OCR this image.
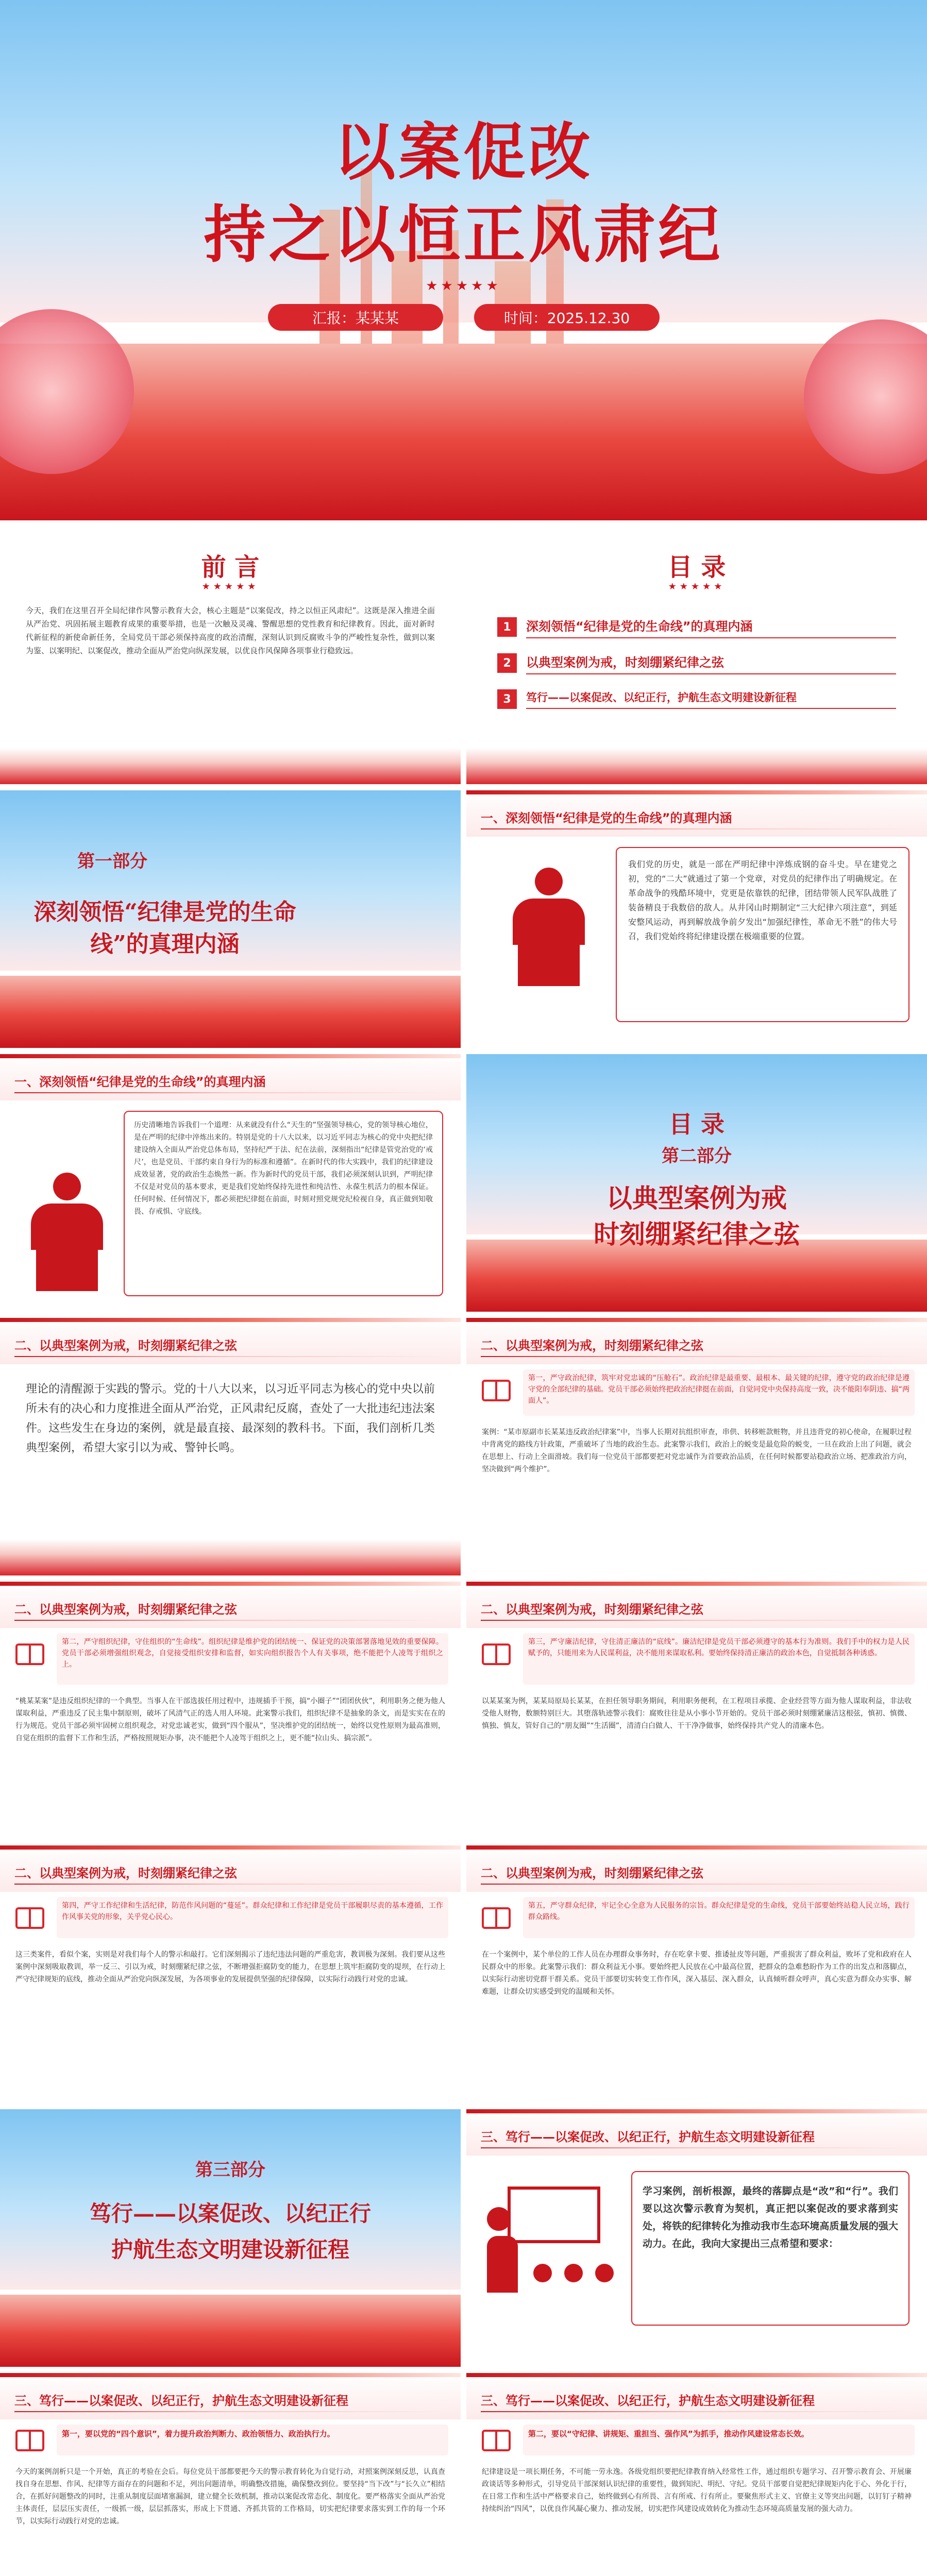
以案促改
持之以恒正风肃纪
★★★★★
汇报：某某某	时间：2025.12.30
前 言
★★★★★
今天，我们在这里召开全局纪律作风警示教育大会，核心主题是“以案促改，持之以恒正风肃纪”。这既是深入推进全面从严治党、巩固拓展主题教育成果的重要举措，也是一次触及灵魂、警醒思想的党性教育和纪律教育。因此，面对新时代新征程的新使命新任务，全局党员干部必须保持高度的政治清醒，深刻认识到反腐败斗争的严峻性复杂性，做到以案为鉴、以案明纪、以案促改，推动全面从严治党向纵深发展，以优良作风保障各项事业行稳致远。
目 录
★★★★★
1	深刻领悟“纪律是党的生命线”的真理内涵
2	以典型案例为戒，时刻绷紧纪律之弦
3	笃行——以案促改、以纪正行，护航生态文明建设新征程
第一部分
深刻领悟“纪律是党的生命
线”的真理内涵
一、深刻领悟“纪律是党的生命线”的真理内涵
我们党的历史，就是一部在严明纪律中淬炼成钢的奋斗史。早在建党之初，党的“二大”就通过了第一个党章，对党员的纪律作出了明确规定。在革命战争的残酷环境中，党更是依靠铁的纪律，团结带领人民军队战胜了装备精良于我数倍的敌人。从井冈山时期制定“三大纪律六项注意”，到延安整风运动，再到解放战争前夕发出“加强纪律性，革命无不胜”的伟大号召，我们党始终将纪律建设摆在极端重要的位置。
一、深刻领悟“纪律是党的生命线”的真理内涵
历史清晰地告诉我们一个道理：从来就没有什么“天生的”坚强领导核心，党的领导核心地位，是在严明的纪律中淬炼出来的。特别是党的十八大以来，以习近平同志为核心的党中央把纪律建设纳入全面从严治党总体布局，坚持纪严于法、纪在法前，深刻指出“纪律是管党治党的‘戒尺’，也是党员、干部约束自身行为的标准和遵循”。在新时代的伟大实践中，我们的纪律建设成效显著，党的政治生态焕然一新。作为新时代的党员干部，我们必须深刻认识到，严明纪律不仅是对党员的基本要求，更是我们党始终保持先进性和纯洁性、永葆生机活力的根本保证。任何时候、任何情况下，都必须把纪律挺在前面，时刻对照党规党纪检视自身，真正做到知敬畏、存戒惧、守底线。
目 录
第二部分
以典型案例为戒
时刻绷紧纪律之弦
二、以典型案例为戒，时刻绷紧纪律之弦
理论的清醒源于实践的警示。党的十八大以来，以习近平同志为核心的党中央以前所未有的决心和力度推进全面从严治党，正风肃纪反腐，查处了一大批违纪违法案件。这些发生在身边的案例，就是最直接、最深刻的教科书。下面，我们剖析几类典型案例，希望大家引以为戒、警钟长鸣。
二、以典型案例为戒，时刻绷紧纪律之弦
第一，严守政治纪律，筑牢对党忠诚的“压舱石”。政治纪律是最重要、最根本、最关键的纪律，遵守党的政治纪律是遵守党的全部纪律的基础。党员干部必须始终把政治纪律挺在前面，自觉同党中央保持高度一致，决不能阳奉阴违、搞“两面人”。
案例：“某市原副市长某某违反政治纪律案”中，当事人长期对抗组织审查，串供、转移赃款赃物，并且违背党的初心使命，在履职过程中背离党的路线方针政策，严重破坏了当地的政治生态。此案警示我们，政治上的蜕变是最危险的蜕变，一旦在政治上出了问题，就会在思想上、行动上全面滑坡。我们每一位党员干部都要把对党忠诚作为首要政治品质，在任何时候都要站稳政治立场、把准政治方向，坚决做到“两个维护”。
二、以典型案例为戒，时刻绷紧纪律之弦
第二，严守组织纪律，守住组织的“生命线”。组织纪律是维护党的团结统一、保证党的决策部署落地见效的重要保障。党员干部必须增强组织观念，自觉接受组织安排和监督，如实向组织报告个人有关事项，绝不能把个人凌驾于组织之上。
“桃某某案”是违反组织纪律的一个典型。当事人在干部选拔任用过程中，违规插手干预，搞“小圈子”“团团伙伙”，利用职务之便为他人谋取利益，严重违反了民主集中制原则，破坏了风清气正的选人用人环境。此案警示我们，组织纪律不是抽象的条文，而是实实在在的行为规范。党员干部必须牢固树立组织观念，对党忠诚老实，做到“四个服从”，坚决维护党的团结统一，始终以党性原则为最高准则，自觉在组织的监督下工作和生活，严格按照规矩办事，决不能把个人凌驾于组织之上，更不能“拉山头、搞宗派”。
二、以典型案例为戒，时刻绷紧纪律之弦
第三，严守廉洁纪律，守住清正廉洁的“底线”。廉洁纪律是党员干部必须遵守的基本行为准则。我们手中的权力是人民赋予的，只能用来为人民谋利益，决不能用来谋取私利。要始终保持清正廉洁的政治本色，自觉抵制各种诱惑。
以某某案为例，某某局原局长某某，在担任领导职务期间，利用职务便利，在工程项目承揽、企业经营等方面为他人谋取利益，非法收受他人财物，数额特别巨大。其堕落轨迹警示我们：腐败往往是从小事小节开始的。党员干部必须时刻绷紧廉洁这根弦，慎初、慎微、慎独、慎友，管好自己的“朋友圈”“生活圈”，清清白白做人、干干净净做事，始终保持共产党人的清廉本色。
二、以典型案例为戒，时刻绷紧纪律之弦
第四，严守工作纪律和生活纪律，防范作风问题的“蔓延”。群众纪律和工作纪律是党员干部履职尽责的基本遵循，工作作风事关党的形象，关乎党心民心。
这三类案件，看似个案，实则是对我们每个人的警示和敲打。它们深刻揭示了违纪违法问题的严重危害，教训极为深刻。我们要从这些案例中深刻吸取教训，举一反三、引以为戒，时刻绷紧纪律之弦，不断增强拒腐防变的能力，在思想上筑牢拒腐防变的堤坝，在行动上严守纪律规矩的底线，推动全面从严治党向纵深发展，为各项事业的发展提供坚强的纪律保障，以实际行动践行对党的忠诚。
二、以典型案例为戒，时刻绷紧纪律之弦
第五，严守群众纪律，牢记全心全意为人民服务的宗旨。群众纪律是党的生命线，党员干部要始终站稳人民立场，践行群众路线。
在一个案例中，某个单位的工作人员在办理群众事务时，存在吃拿卡要、推诿扯皮等问题，严重损害了群众利益，败坏了党和政府在人民群众中的形象。此案警示我们：群众利益无小事。要始终把人民放在心中最高位置，把群众的急难愁盼作为工作的出发点和落脚点，以实际行动密切党群干群关系。党员干部要切实转变工作作风，深入基层、深入群众，认真倾听群众呼声，真心实意为群众办实事、解难题，让群众切实感受到党的温暖和关怀。
第三部分
笃行——以案促改、以纪正行
护航生态文明建设新征程
三、笃行——以案促改、以纪正行，护航生态文明建设新征程
学习案例，剖析根源，最终的落脚点是“改”和“行”。我们要以这次警示教育为契机，真正把以案促改的要求落到实处，将铁的纪律转化为推动我市生态环境高质量发展的强大动力。在此，我向大家提出三点希望和要求：
三、笃行——以案促改、以纪正行，护航生态文明建设新征程
第一，要以党的“四个意识”，着力提升政治判断力、政治领悟力、政治执行力。
今天的案例剖析只是一个开始，真正的考验在会后。每位党员干部都要把今天的警示教育转化为自觉行动，对照案例深刻反思，认真查找自身在思想、作风、纪律等方面存在的问题和不足，列出问题清单，明确整改措施，确保整改到位。要坚持“当下改”与“长久立”相结合，在抓好问题整改的同时，注重从制度层面堵塞漏洞，建立健全长效机制，推动以案促改常态化、制度化。要严格落实全面从严治党主体责任，层层压实责任，一级抓一级，层层抓落实，形成上下贯通、齐抓共管的工作格局，切实把纪律要求落实到工作的每一个环节，以实际行动践行对党的忠诚。
三、笃行——以案促改、以纪正行，护航生态文明建设新征程
第二，要以“守纪律、讲规矩、重担当、强作风”为抓手，推动作风建设常态长效。
纪律建设是一项长期任务，不可能一劳永逸。各级党组织要把纪律教育纳入经常性工作，通过组织专题学习、召开警示教育会、开展廉政谈话等多种形式，引导党员干部深刻认识纪律的重要性，做到知纪、明纪、守纪。党员干部要自觉把纪律规矩内化于心、外化于行，在日常工作和生活中严格要求自己，始终做到心有所畏、言有所戒、行有所止。要聚焦形式主义、官僚主义等突出问题，以钉钉子精神持续纠治“四风”，以优良作风凝心聚力、推动发展，切实把作风建设成效转化为推动生态环境高质量发展的强大动力。
